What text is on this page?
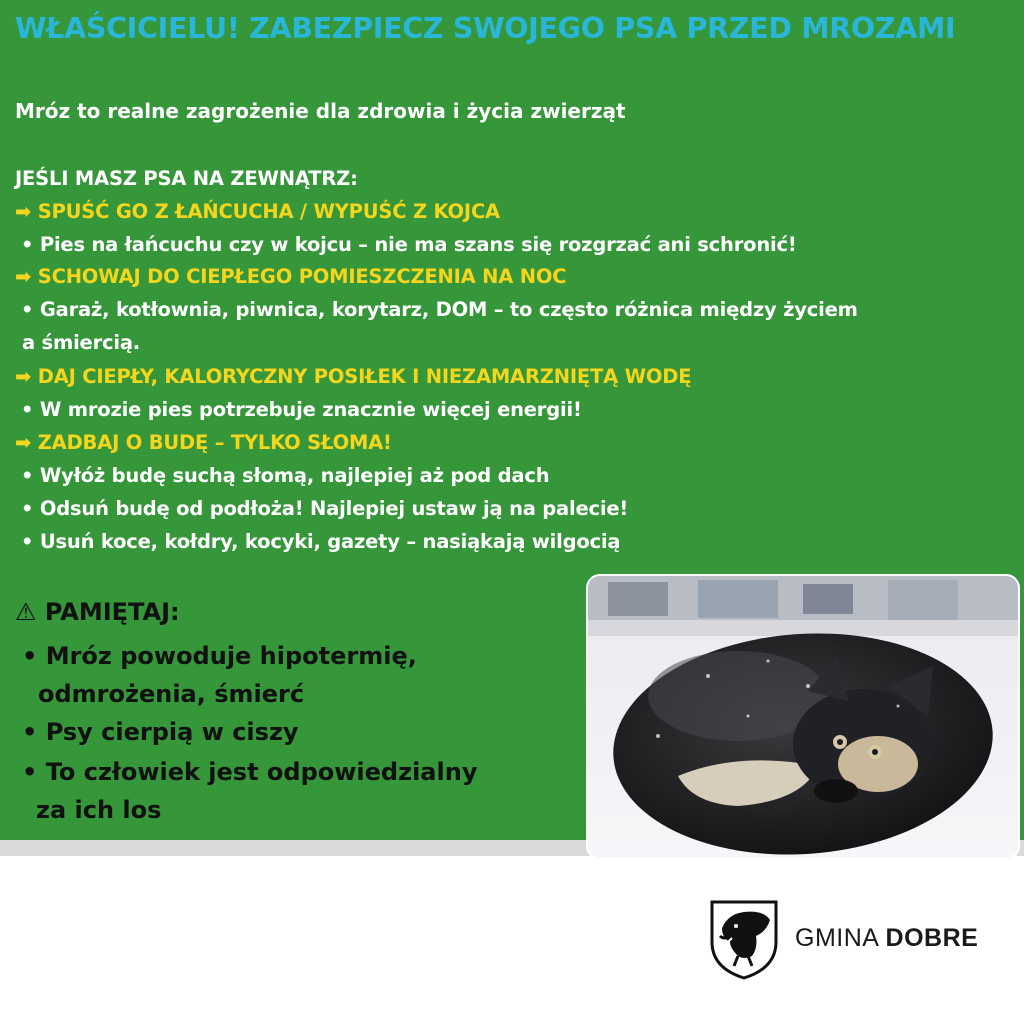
WŁAŚCICIELU! ZABEZPIECZ SWOJEGO PSA PRZED MROZAMI
Mróz to realne zagrożenie dla zdrowia i życia zwierząt
JEŚLI MASZ PSA NA ZEWNĄTRZ:
➡ SPUŚĆ GO Z ŁAŃCUCHA / WYPUŚĆ Z KOJCA
• Pies na łańcuchu czy w kojcu – nie ma szans się rozgrzać ani schronić!
➡ SCHOWAJ DO CIEPŁEGO POMIESZCZENIA NA NOC
• Garaż, kotłownia, piwnica, korytarz, DOM – to często różnica między życiem
a śmiercią.
➡ DAJ CIEPŁY, KALORYCZNY POSIŁEK I NIEZAMARZNIĘTĄ WODĘ
• W mrozie pies potrzebuje znacznie więcej energii!
➡ ZADBAJ O BUDĘ – TYLKO SŁOMA!
• Wyłóż budę suchą słomą, najlepiej aż pod dach
• Odsuń budę od podłoża! Najlepiej ustaw ją na palecie!
• Usuń koce, kołdry, kocyki, gazety – nasiąkają wilgocią
⚠ PAMIĘTAJ:
• Mróz powoduje hipotermię,
odmrożenia, śmierć
• Psy cierpią w ciszy
• To człowiek jest odpowiedzialny
za ich los
GMINA DOBRE
